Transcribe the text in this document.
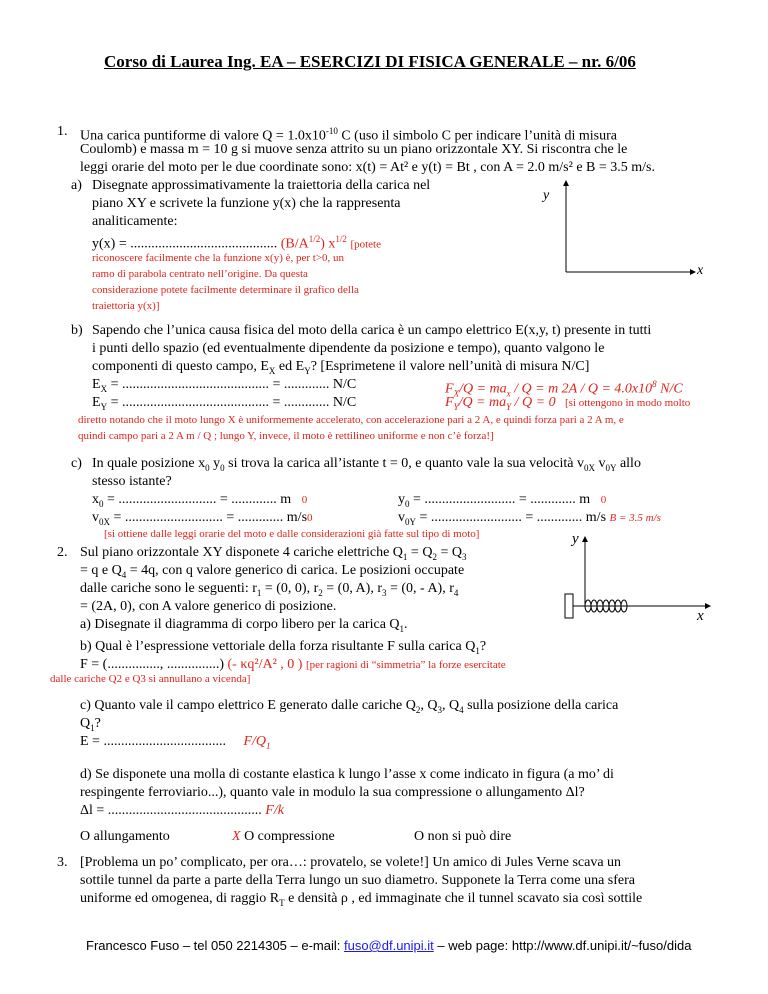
Corso di Laurea Ing. EA – ESERCIZI DI FISICA GENERALE – nr. 6/06
1. Una carica puntiforme di valore $Q = 1.0x10^{-10}$ C (uso il simbolo C per indicare l’unità di misura
Coulomb) e massa m = 10 g si muove senza attrito su un piano orizzontale XY. Si riscontra che le
leggi orarie del moto per le due coordinate sono: x(t) = At² e y(t) = Bt , con A = 2.0 m/s² e B = 3.5 m/s.
a) Disegnate approssimativamente la traiettoria della carica nel
piano XY e scrivete la funzione y(x) che la rappresenta
analiticamente:
y(x) = .......................................... $(B/A^{1/2})$ $x^{1/2}$ [potete
riconoscere facilmente che la funzione x(y) è, per t>0, un
ramo di parabola centrato nell’origine. Da questa
considerazione potete facilmente determinare il grafico della
traiettoria y(x)]
y
x
b) Sapendo che l’unica causa fisica del moto della carica è un campo elettrico E(x,y, t) presente in tutti
i punti dello spazio (ed eventualmente dipendente da posizione e tempo), quanto valgono le
componenti di questo campo, $E_X$ ed $E_Y$? [Esprimetene il valore nell’unità di misura N/C]
$E_X$ = .......................................... = ............. N/C	$F_X/Q = ma_x / Q = m$ $2A / Q = 4.0x10^8$ N/C
$E_Y$ = .......................................... = ............. N/C	$F_Y/Q = ma_Y / Q = 0$ [si ottengono in modo molto
diretto notando che il moto lungo X è uniformemente accelerato, con accelerazione pari a 2 A, e quindi forza pari a 2 A m, e
quindi campo pari a 2 A m / Q ; lungo Y, invece, il moto è rettilineo uniforme e non c’è forza!]
c) In quale posizione $x_0$ $y_0$ si trova la carica all’istante t = 0, e quanto vale la sua velocità $v_{0X}$ $v_{0Y}$ allo
stesso istante?
$x_0$ = ............................ = ............. m 0	$y_0$ = .......................... = ............. m 0
$v_{0X}$ = ............................ = ............. m/s0	$v_{0Y}$ = .......................... = ............. m/s B = 3.5 m/s
[si ottiene dalle leggi orarie del moto e dalle considerazioni già fatte sul tipo di moto]
2. Sul piano orizzontale XY disponete 4 cariche elettriche $Q_1 = Q_2 = Q_3$
= q e $Q_4 = 4q$, con q valore generico di carica. Le posizioni occupate
dalle cariche sono le seguenti: $r_1 = (0$, 0), $r_2 = (0$, A), $r_3 = (0$, - A), $r_4$
= (2A, 0), con A valore generico di posizione.
a) Disegnate il diagramma di corpo libero per la carica $Q_1$.
y
x
b) Qual è l’espressione vettoriale della forza risultante F sulla carica $Q_1$?
F = (..............., ...............) (- κq²/A² , 0 ) [per ragioni di “simmetria” la forze esercitate
dalle cariche Q2 e Q3 si annullano a vicenda]
c) Quanto vale il campo elettrico E generato dalle cariche $Q_2$, $Q_3$, $Q_4$ sulla posizione della carica
$Q_1$?
E = ................................... $F/Q_1$
d) Se disponete una molla di costante elastica k lungo l’asse x come indicato in figura (a mo’ di
respingente ferroviario...), quanto vale in modulo la sua compressione o allungamento Δl?
Δl = ............................................ F/k
O allungamento	X O compressione	O non si può dire
3. [Problema un po’ complicato, per ora…: provatelo, se volete!] Un amico di Jules Verne scava un
sottile tunnel da parte a parte della Terra lungo un suo diametro. Supponete la Terra come una sfera
uniforme ed omogenea, di raggio $R_T$ e densità ρ , ed immaginate che il tunnel scavato sia così sottile
Francesco Fuso – tel 050 2214305 – e-mail: fuso@df.unipi.it – web page: http://www.df.unipi.it/~fuso/dida
